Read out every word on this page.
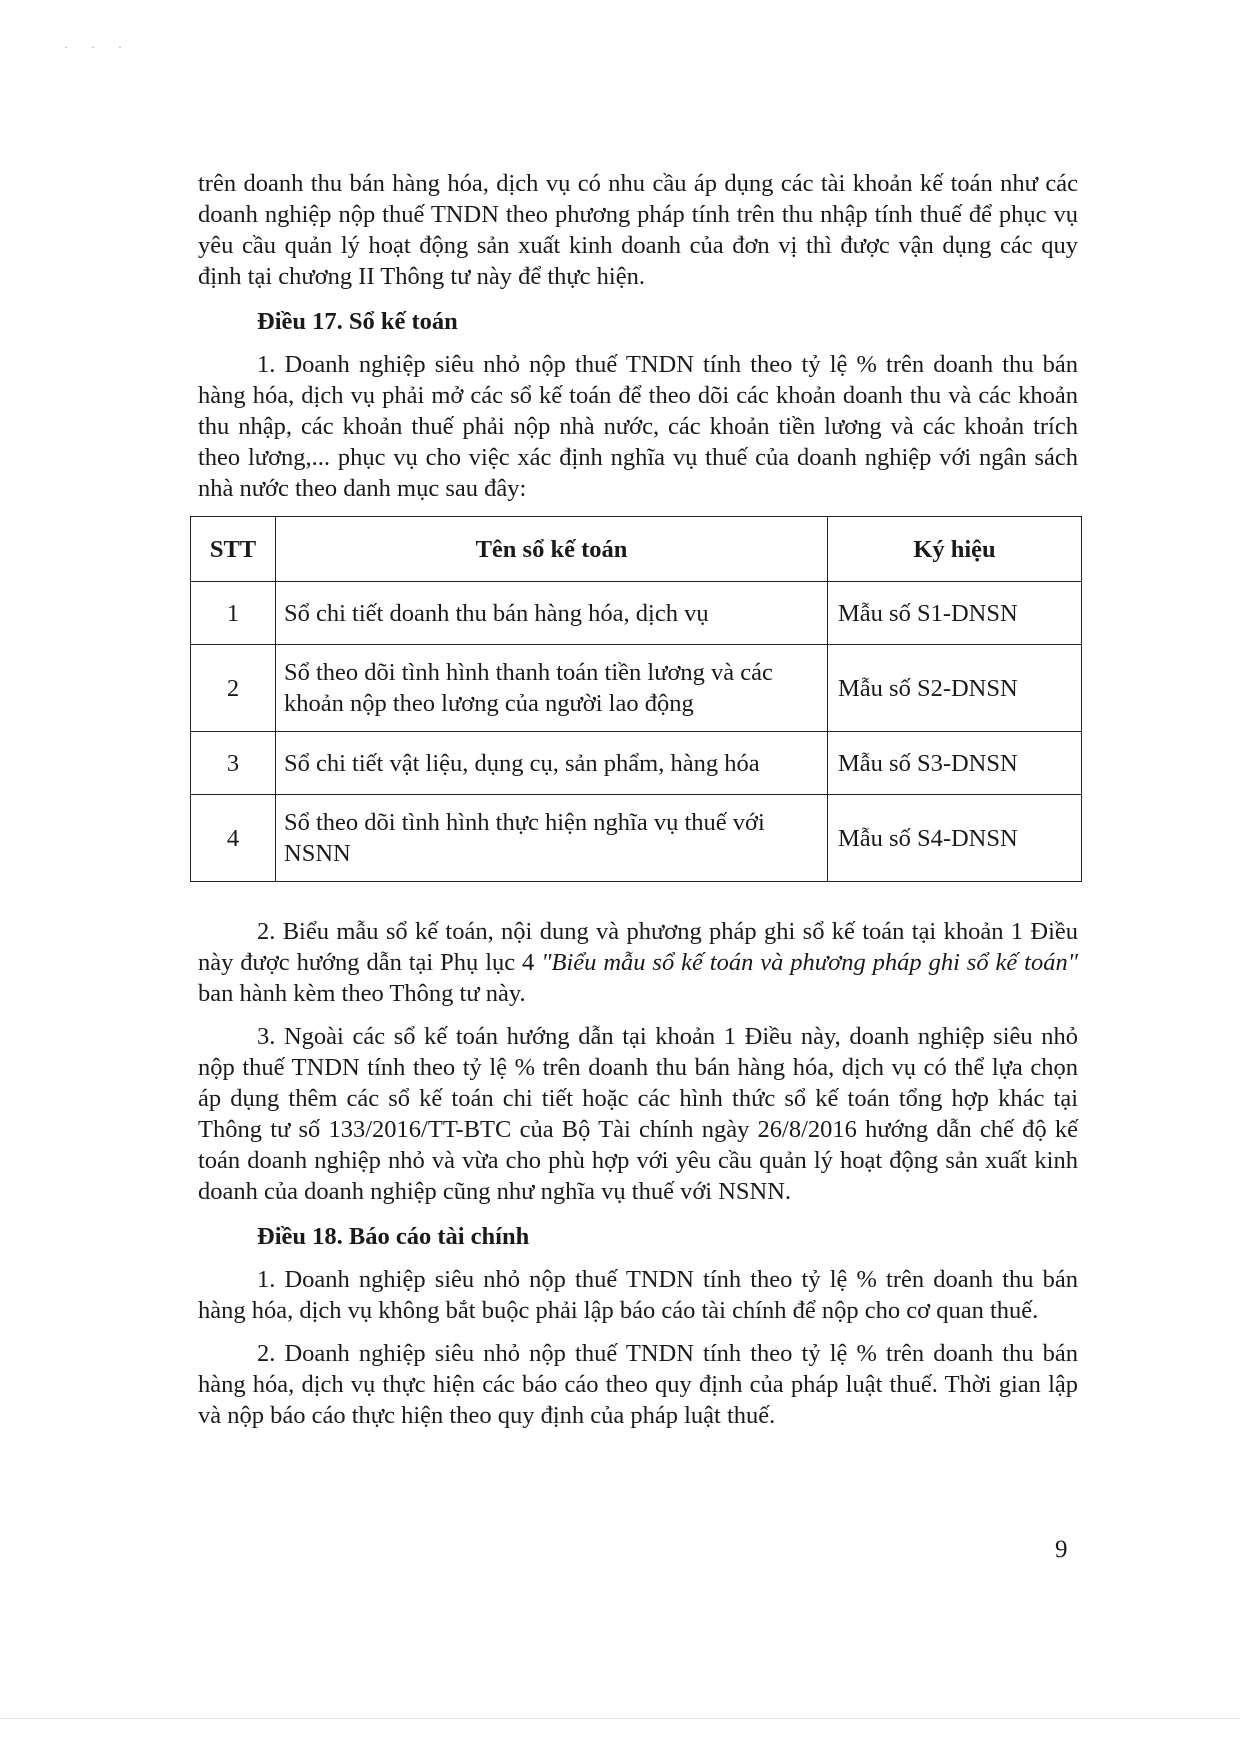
· · ·

trên doanh thu bán hàng hóa, dịch vụ có nhu cầu áp dụng các tài khoản kế toán như các doanh nghiệp nộp thuế TNDN theo phương pháp tính trên thu nhập tính thuế để phục vụ yêu cầu quản lý hoạt động sản xuất kinh doanh của đơn vị thì được vận dụng các quy định tại chương II Thông tư này để thực hiện.

Điều 17. Sổ kế toán

1. Doanh nghiệp siêu nhỏ nộp thuế TNDN tính theo tỷ lệ % trên doanh thu bán hàng hóa, dịch vụ phải mở các sổ kế toán để theo dõi các khoản doanh thu và các khoản thu nhập, các khoản thuế phải nộp nhà nước, các khoản tiền lương và các khoản trích theo lương,... phục vụ cho việc xác định nghĩa vụ thuế của doanh nghiệp với ngân sách nhà nước theo danh mục sau đây:

STT	Tên sổ kế toán	Ký hiệu
1	Sổ chi tiết doanh thu bán hàng hóa, dịch vụ	Mẫu số S1-DNSN
2	Sổ theo dõi tình hình thanh toán tiền lương và các khoản nộp theo lương của người lao động	Mẫu số S2-DNSN
3	Sổ chi tiết vật liệu, dụng cụ, sản phẩm, hàng hóa	Mẫu số S3-DNSN
4	Sổ theo dõi tình hình thực hiện nghĩa vụ thuế với NSNN	Mẫu số S4-DNSN

2. Biểu mẫu sổ kế toán, nội dung và phương pháp ghi sổ kế toán tại khoản 1 Điều này được hướng dẫn tại Phụ lục 4 "Biểu mẫu sổ kế toán và phương pháp ghi sổ kế toán" ban hành kèm theo Thông tư này.

3. Ngoài các sổ kế toán hướng dẫn tại khoản 1 Điều này, doanh nghiệp siêu nhỏ nộp thuế TNDN tính theo tỷ lệ % trên doanh thu bán hàng hóa, dịch vụ có thể lựa chọn áp dụng thêm các sổ kế toán chi tiết hoặc các hình thức sổ kế toán tổng hợp khác tại Thông tư số 133/2016/TT-BTC của Bộ Tài chính ngày 26/8/2016 hướng dẫn chế độ kế toán doanh nghiệp nhỏ và vừa cho phù hợp với yêu cầu quản lý hoạt động sản xuất kinh doanh của doanh nghiệp cũng như nghĩa vụ thuế với NSNN.

Điều 18. Báo cáo tài chính

1. Doanh nghiệp siêu nhỏ nộp thuế TNDN tính theo tỷ lệ % trên doanh thu bán hàng hóa, dịch vụ không bắt buộc phải lập báo cáo tài chính để nộp cho cơ quan thuế.

2. Doanh nghiệp siêu nhỏ nộp thuế TNDN tính theo tỷ lệ % trên doanh thu bán hàng hóa, dịch vụ thực hiện các báo cáo theo quy định của pháp luật thuế. Thời gian lập và nộp báo cáo thực hiện theo quy định của pháp luật thuế.

9
